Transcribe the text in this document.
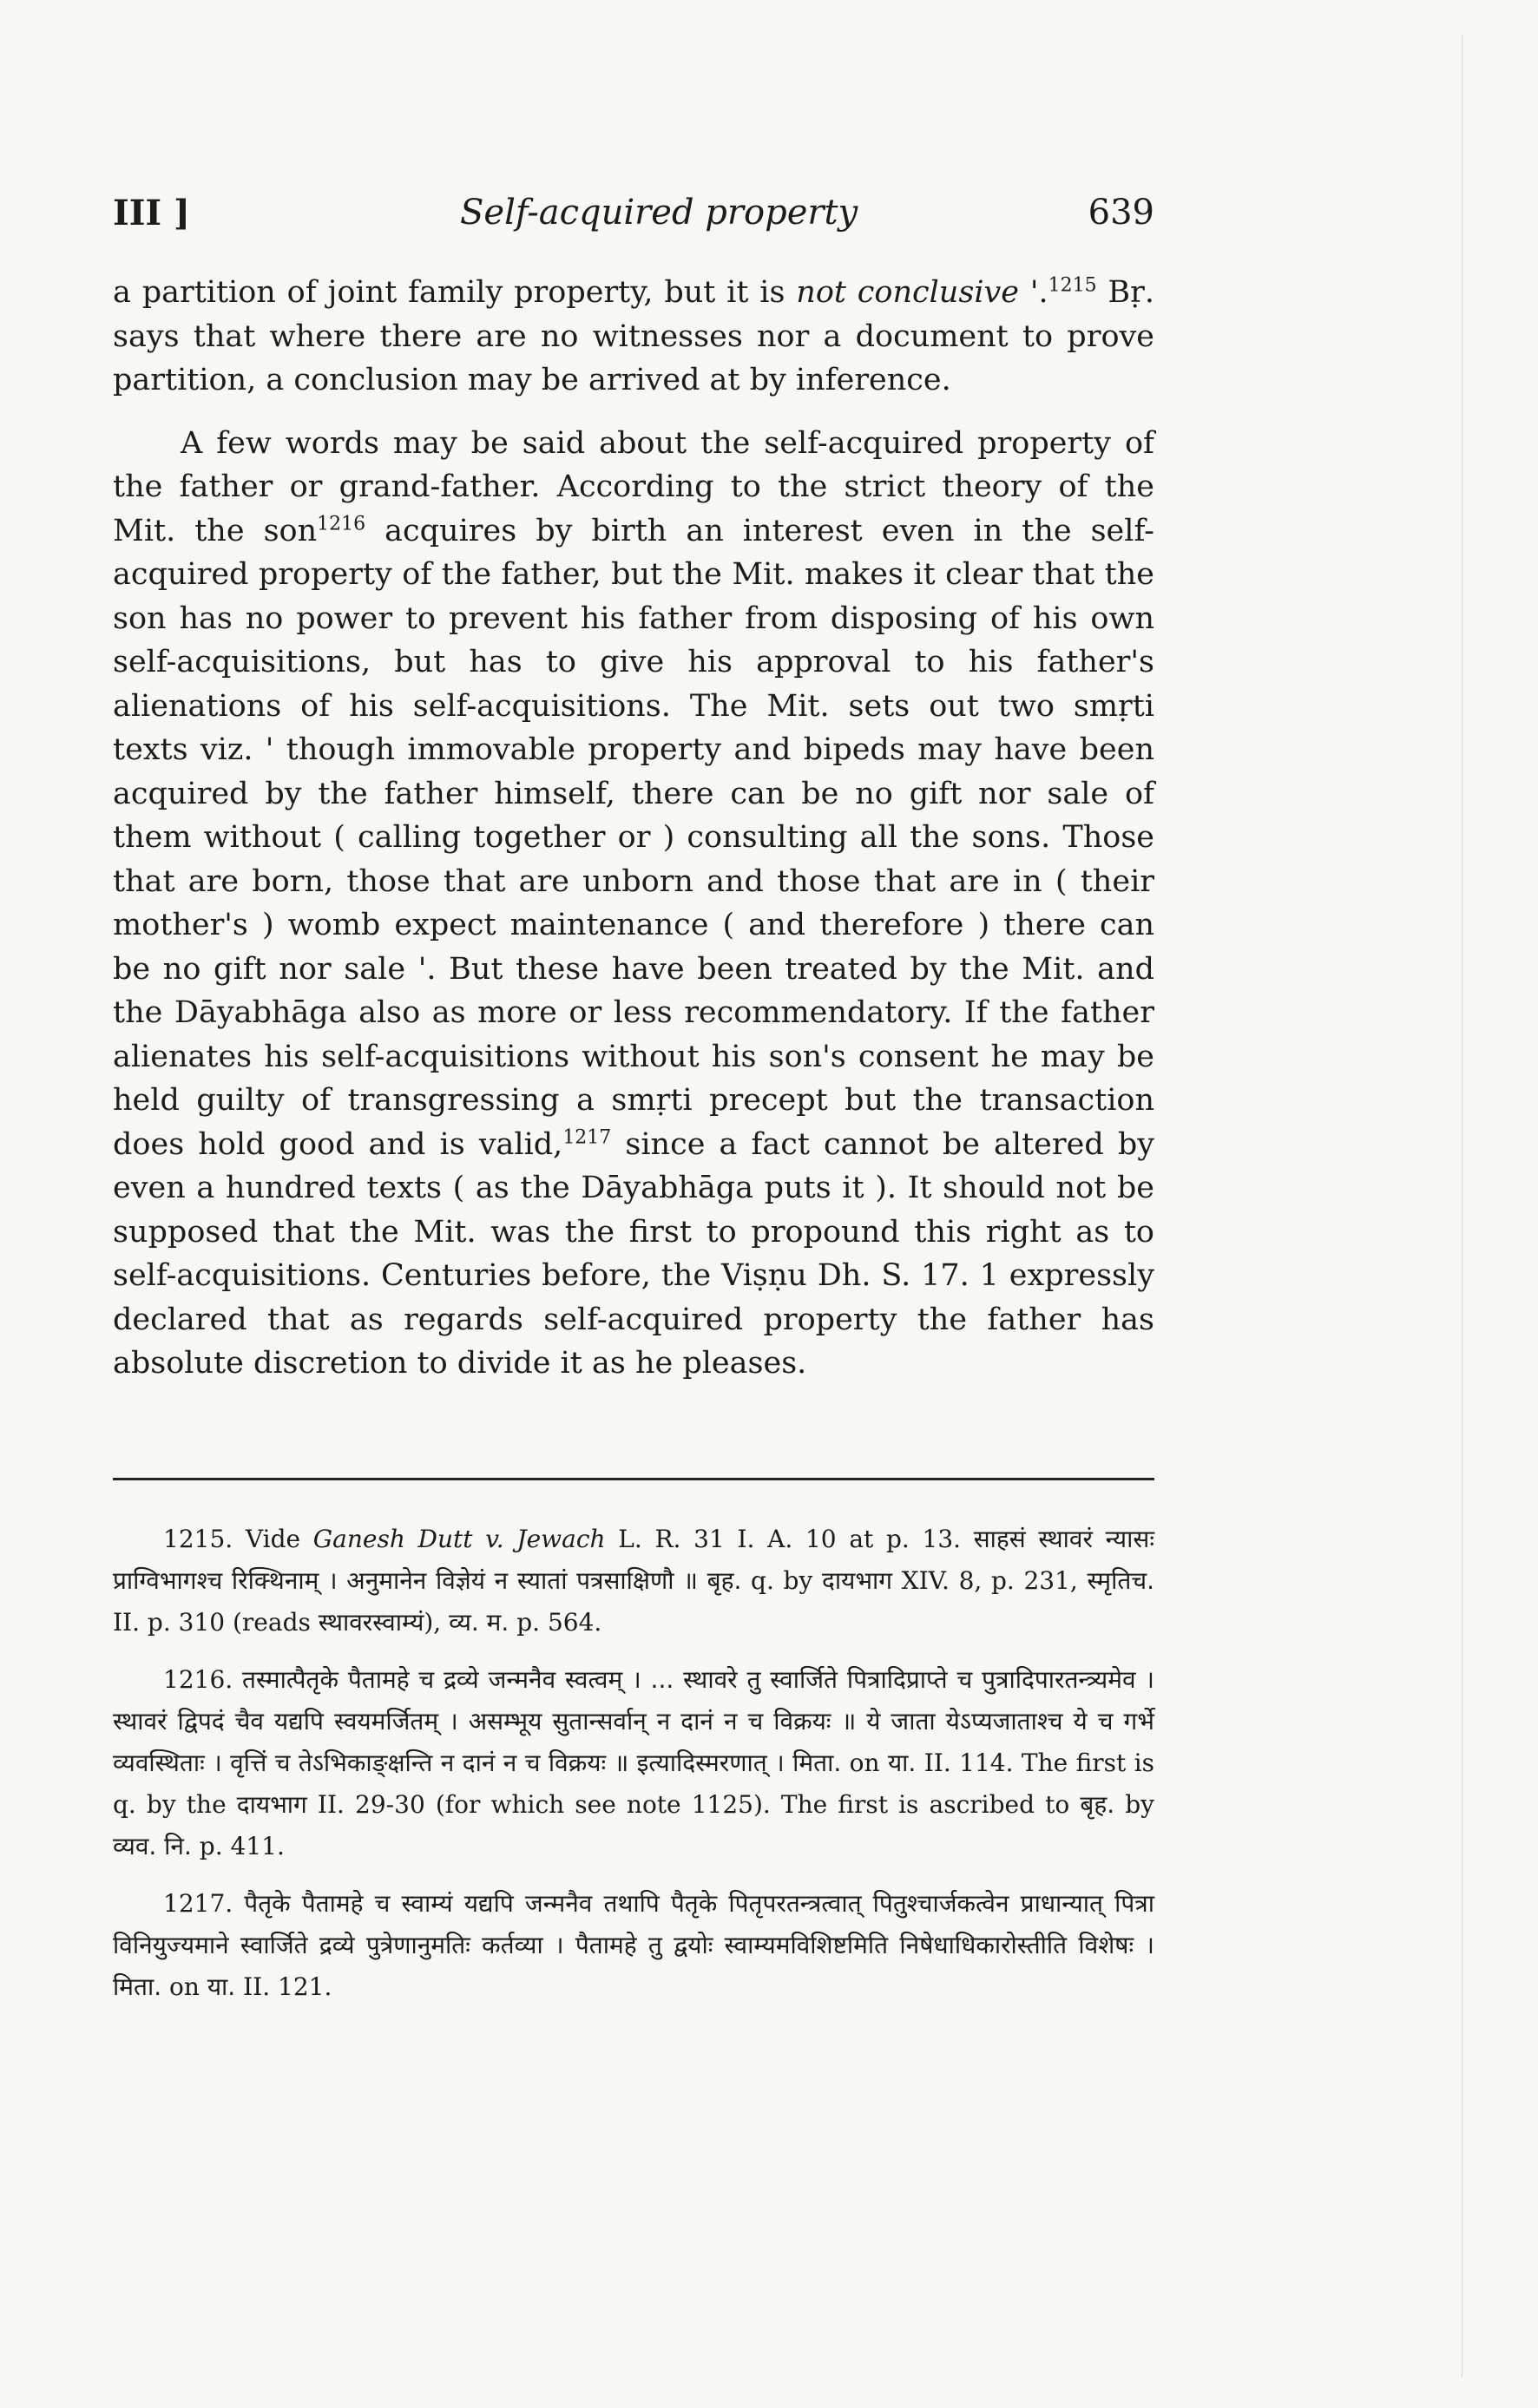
III ]	Self-acquired property	639

a partition of joint family property, but it is not conclusive '.$^{1215}$ Bṛ. says that where there are no witnesses nor a document to prove partition, a conclusion may be arrived at by inference.

A few words may be said about the self-acquired property of the father or grand-father. According to the strict theory of the Mit. the son$^{1216}$ acquires by birth an interest even in the self-acquired property of the father, but the Mit. makes it clear that the son has no power to prevent his father from disposing of his own self-acquisitions, but has to give his approval to his father's alienations of his self-acquisitions. The Mit. sets out two smṛti texts viz. ' though immovable property and bipeds may have been acquired by the father himself, there can be no gift nor sale of them without ( calling together or ) consulting all the sons. Those that are born, those that are unborn and those that are in ( their mother's ) womb expect maintenance ( and therefore ) there can be no gift nor sale '. But these have been treated by the Mit. and the Dāyabhāga also as more or less recommendatory. If the father alienates his self-acquisitions without his son's consent he may be held guilty of transgressing a smṛti precept but the transaction does hold good and is valid,$^{1217}$ since a fact cannot be altered by even a hundred texts ( as the Dāyabhāga puts it ). It should not be supposed that the Mit. was the first to propound this right as to self-acquisitions. Centuries before, the Viṣṇu Dh. S. 17. 1 expressly declared that as regards self-acquired property the father has absolute discretion to divide it as he pleases.

1215. Vide Ganesh Dutt v. Jewach L. R. 31 I. A. 10 at p. 13. साहसं स्थावरं न्यासः प्राग्विभागश्च रिक्थिनाम् । अनुमानेन विज्ञेयं न स्यातां पत्रसाक्षिणौ ॥ बृह. q. by दायभाग XIV. 8, p. 231, स्मृतिच. II. p. 310 (reads स्थावरस्वाम्यं), व्य. म. p. 564.

1216. तस्मात्पैतृके पैतामहे च द्रव्ये जन्मनैव स्वत्वम् । ... स्थावरे तु स्वार्जिते पित्रादिप्राप्ते च पुत्रादिपारतन्त्र्यमेव । स्थावरं द्विपदं चैव यद्यपि स्वयमर्जितम् । असम्भूय सुतान्सर्वान् न दानं न च विक्रयः ॥ ये जाता येऽप्यजाताश्च ये च गर्भे व्यवस्थिताः । वृत्तिं च तेऽभिकाङ्क्षन्ति न दानं न च विक्रयः ॥ इत्यादिस्मरणात् । मिता. on या. II. 114. The first is q. by the दायभाग II. 29-30 (for which see note 1125). The first is ascribed to बृह. by व्यव. नि. p. 411.

1217. पैतृके पैतामहे च स्वाम्यं यद्यपि जन्मनैव तथापि पैतृके पितृपरतन्त्रत्वात् पितुश्चार्जकत्वेन प्राधान्यात् पित्रा विनियुज्यमाने स्वार्जिते द्रव्ये पुत्रेणानुमतिः कर्तव्या । पैतामहे तु द्वयोः स्वाम्यमविशिष्टमिति निषेधाधिकारोस्तीति विशेषः । मिता. on या. II. 121.
